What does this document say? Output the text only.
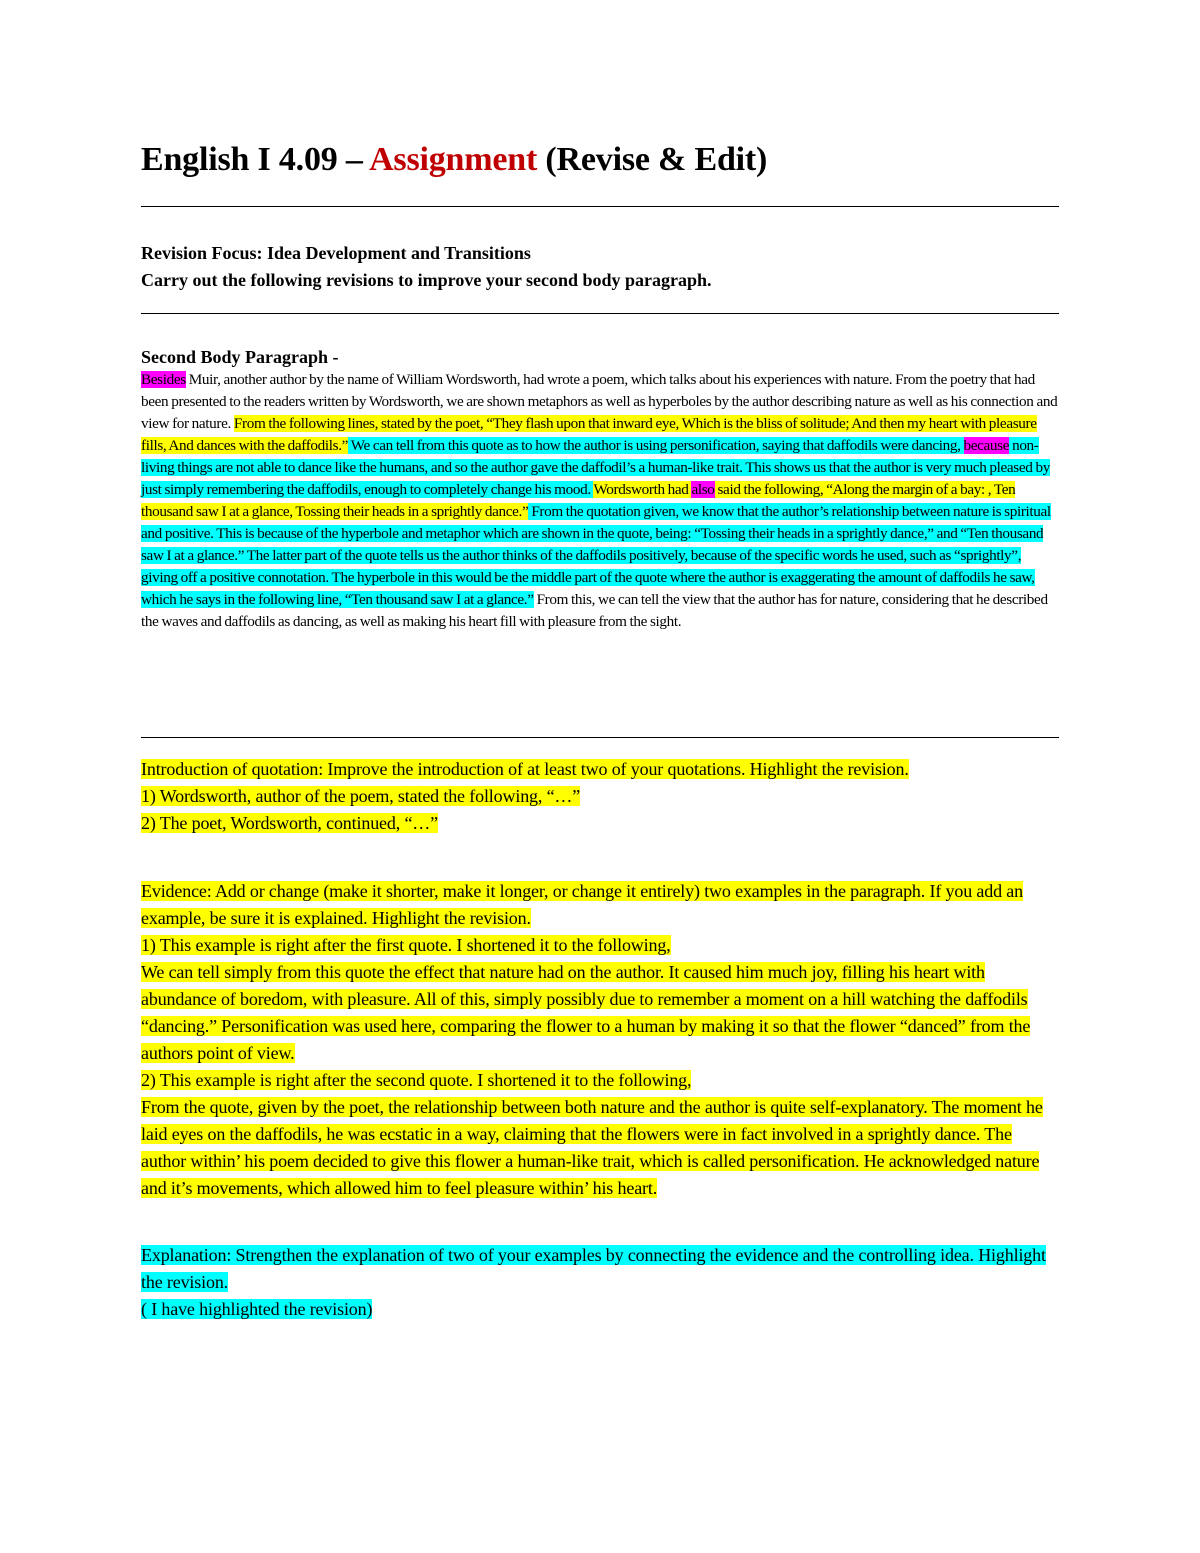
English I 4.09 – Assignment (Revise & Edit)
Revision Focus: Idea Development and Transitions
Carry out the following revisions to improve your second body paragraph.
Second Body Paragraph -
Besides Muir, another author by the name of William Wordsworth, had wrote a poem, which talks about his experiences with nature. From the poetry that had been presented to the readers written by Wordsworth, we are shown metaphors as well as hyperboles by the author describing nature as well as his connection and view for nature. From the following lines, stated by the poet, “They flash upon that inward eye, Which is the bliss of solitude; And then my heart with pleasure fills, And dances with the daffodils.” We can tell from this quote as to how the author is using personification, saying that daffodils were dancing, because non-living things are not able to dance like the humans, and so the author gave the daffodil’s a human-like trait. This shows us that the author is very much pleased by just simply remembering the daffodils, enough to completely change his mood. Wordsworth had also said the following, “Along the margin of a bay: , Ten thousand saw I at a glance, Tossing their heads in a sprightly dance.” From the quotation given, we know that the author’s relationship between nature is spiritual and positive. This is because of the hyperbole and metaphor which are shown in the quote, being: “Tossing their heads in a sprightly dance,” and “Ten thousand saw I at a glance.” The latter part of the quote tells us the author thinks of the daffodils positively, because of the specific words he used, such as “sprightly”, giving off a positive connotation. The hyperbole in this would be the middle part of the quote where the author is exaggerating the amount of daffodils he saw, which he says in the following line, “Ten thousand saw I at a glance.” From this, we can tell the view that the author has for nature, considering that he described the waves and daffodils as dancing, as well as making his heart fill with pleasure from the sight.

Introduction of quotation: Improve the introduction of at least two of your quotations. Highlight the revision.

1) Wordsworth, author of the poem, stated the following, “…”

2) The poet, Wordsworth, continued, “…”

Evidence: Add or change (make it shorter, make it longer, or change it entirely) two examples in the paragraph. If you add an example, be sure it is explained. Highlight the revision.

1) This example is right after the first quote. I shortened it to the following,

We can tell simply from this quote the effect that nature had on the author. It caused him much joy, filling his heart with abundance of boredom, with pleasure. All of this, simply possibly due to remember a moment on a hill watching the daffodils “dancing.” Personification was used here, comparing the flower to a human by making it so that the flower “danced” from the authors point of view.

2) This example is right after the second quote. I shortened it to the following,

From the quote, given by the poet, the relationship between both nature and the author is quite self-explanatory. The moment he laid eyes on the daffodils, he was ecstatic in a way, claiming that the flowers were in fact involved in a sprightly dance. The author within’ his poem decided to give this flower a human-like trait, which is called personification. He acknowledged nature and it’s movements, which allowed him to feel pleasure within’ his heart.

Explanation: Strengthen the explanation of two of your examples by connecting the evidence and the controlling idea. Highlight the revision.

( I have highlighted the revision)
